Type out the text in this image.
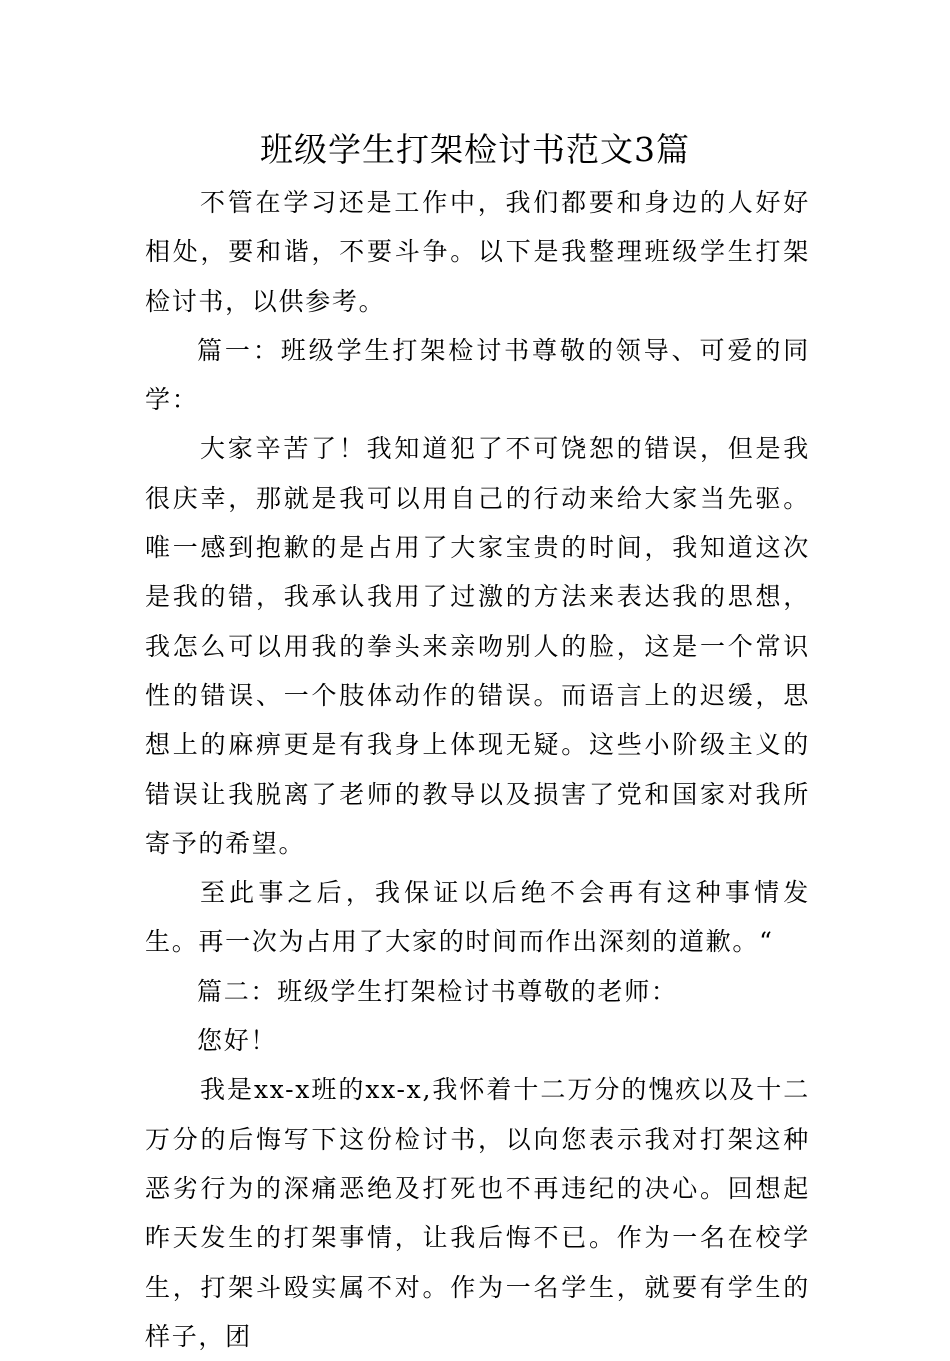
班级学生打架检讨书范文3篇

不管在学习还是工作中，我们都要和身边的人好好相处，要和谐，不要斗争。以下是我整理班级学生打架检讨书，以供参考。

篇一：班级学生打架检讨书尊敬的领导、可爱的同学：

大家辛苦了！我知道犯了不可饶恕的错误，但是我很庆幸，那就是我可以用自己的行动来给大家当先驱。唯一感到抱歉的是占用了大家宝贵的时间，我知道这次是我的错，我承认我用了过激的方法来表达我的思想，我怎么可以用我的拳头来亲吻别人的脸，这是一个常识性的错误、一个肢体动作的错误。而语言上的迟缓，思想上的麻痹更是有我身上体现无疑。这些小阶级主义的错误让我脱离了老师的教导以及损害了党和国家对我所寄予的希望。

至此事之后，我保证以后绝不会再有这种事情发生。再一次为占用了大家的时间而作出深刻的道歉。“

篇二：班级学生打架检讨书尊敬的老师：

您好！

我是xx-x班的xx-x,我怀着十二万分的愧疚以及十二万分的后悔写下这份检讨书，以向您表示我对打架这种恶劣行为的深痛恶绝及打死也不再违纪的决心。回想起昨天发生的打架事情，让我后悔不已。作为一名在校学生，打架斗殴实属不对。作为一名学生，就要有学生的样子，团
